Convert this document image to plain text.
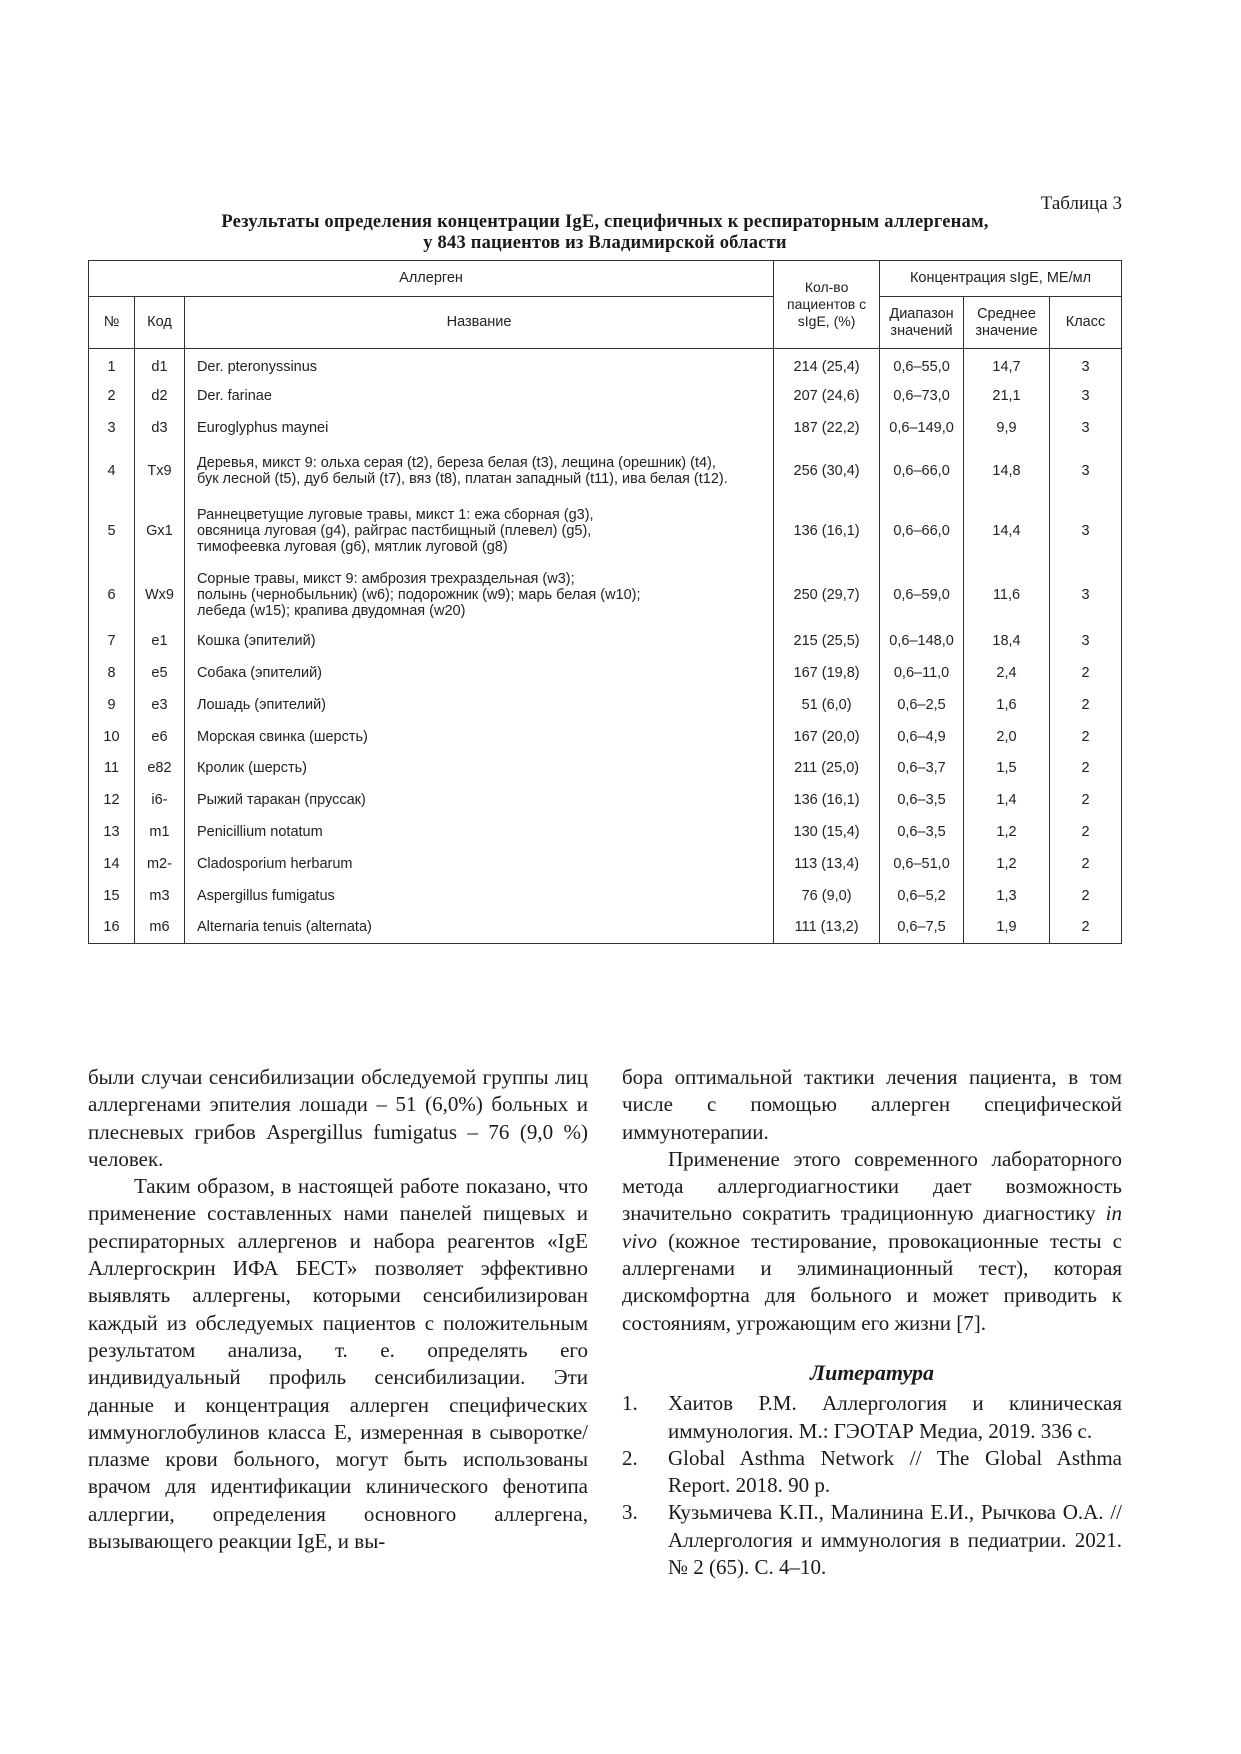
Таблица 3
Результаты определения концентрации IgE, специфичных к респираторным аллергенам,
у 843 пациентов из Владимирской области
Аллерген			Кол-во пациентов с sIgE, (%)	Концентрация sIgE, МЕ/мл		
№	Код	Название		Диапазон значений	Среднее значение	Класс
1	d1	Der. pteronyssinus	214 (25,4)	0,6–55,0	14,7	3
2	d2	Der. farinae	207 (24,6)	0,6–73,0	21,1	3
3	d3	Euroglyphus maynei	187 (22,2)	0,6–149,0	9,9	3
4	Tx9	Деревья, микст 9: ольха серая (t2), береза белая (t3), лещина (орешник) (t4),
бук лесной (t5), дуб белый (t7), вяз (t8), платан западный (t11), ива белая (t12).	256 (30,4)	0,6–66,0	14,8	3
5	Gx1	Раннецветущие луговые травы, микст 1: ежа сборная (g3),
овсяница луговая (g4), райграс пастбищный (плевел) (g5),
тимофеевка луговая (g6), мятлик луговой (g8)	136 (16,1)	0,6–66,0	14,4	3
6	Wx9	Сорные травы, микст 9: амброзия трехраздельная (w3);
полынь (чернобыльник) (w6); подорожник (w9); марь белая (w10);
лебеда (w15); крапива двудомная (w20)	250 (29,7)	0,6–59,0	11,6	3
7	e1	Кошка (эпителий)	215 (25,5)	0,6–148,0	18,4	3
8	e5	Собака (эпителий)	167 (19,8)	0,6–11,0	2,4	2
9	e3	Лошадь (эпителий)	51 (6,0)	0,6–2,5	1,6	2
10	e6	Морская свинка (шерсть)	167 (20,0)	0,6–4,9	2,0	2
11	e82	Кролик (шерсть)	211 (25,0)	0,6–3,7	1,5	2
12	i6-	Рыжий таракан (пруссак)	136 (16,1)	0,6–3,5	1,4	2
13	m1	Penicillium notatum	130 (15,4)	0,6–3,5	1,2	2
14	m2-	Cladosporium herbarum	113 (13,4)	0,6–51,0	1,2	2
15	m3	Aspergillus fumigatus	76 (9,0)	0,6–5,2	1,3	2
16	m6	Alternaria tenuis (alternata)	111 (13,2)	0,6–7,5	1,9	2

были случаи сенсибилизации обследуемой группы лиц аллергенами эпителия лошади – 51 (6,0%) больных и плесневых грибов Aspergillus fumigatus – 76 (9,0 %) человек.

Таким образом, в настоящей работе показано, что применение составленных нами панелей пищевых и респираторных аллергенов и набора реагентов «IgE Аллергоскрин ИФА БЕСТ» позволяет эффективно выявлять аллергены, которыми сенсибилизирован каждый из обследуемых пациентов с положительным результатом анализа, т. е. определять его индивидуальный профиль сенсибилизации. Эти данные и концентрация аллерген специфических иммуноглобулинов класса Е, измеренная в сыворотке/плазме крови больного, могут быть использованы врачом для идентификации клинического фенотипа аллергии, определения основного аллергена, вызывающего реакции IgE, и вы-

бора оптимальной тактики лечения пациента, в том числе с помощью аллерген специфической иммунотерапии.

Применение этого современного лабораторного метода аллергодиагностики дает возможность значительно сократить традиционную диагностику in vivo (кожное тестирование, провокационные тесты с аллергенами и элиминационный тест), которая дискомфортна для больного и может приводить к состояниям, угрожающим его жизни [7].

Литература
1.	Хаитов Р.М. Аллергология и клиническая иммунология. М.: ГЭОТАР Медиа, 2019. 336 с.
2.	Global Asthma Network // The Global Asthma Report. 2018. 90 p.
3.	Кузьмичева К.П., Малинина Е.И., Рычкова О.А. // Аллергология и иммунология в педиатрии. 2021. № 2 (65). С. 4–10.
